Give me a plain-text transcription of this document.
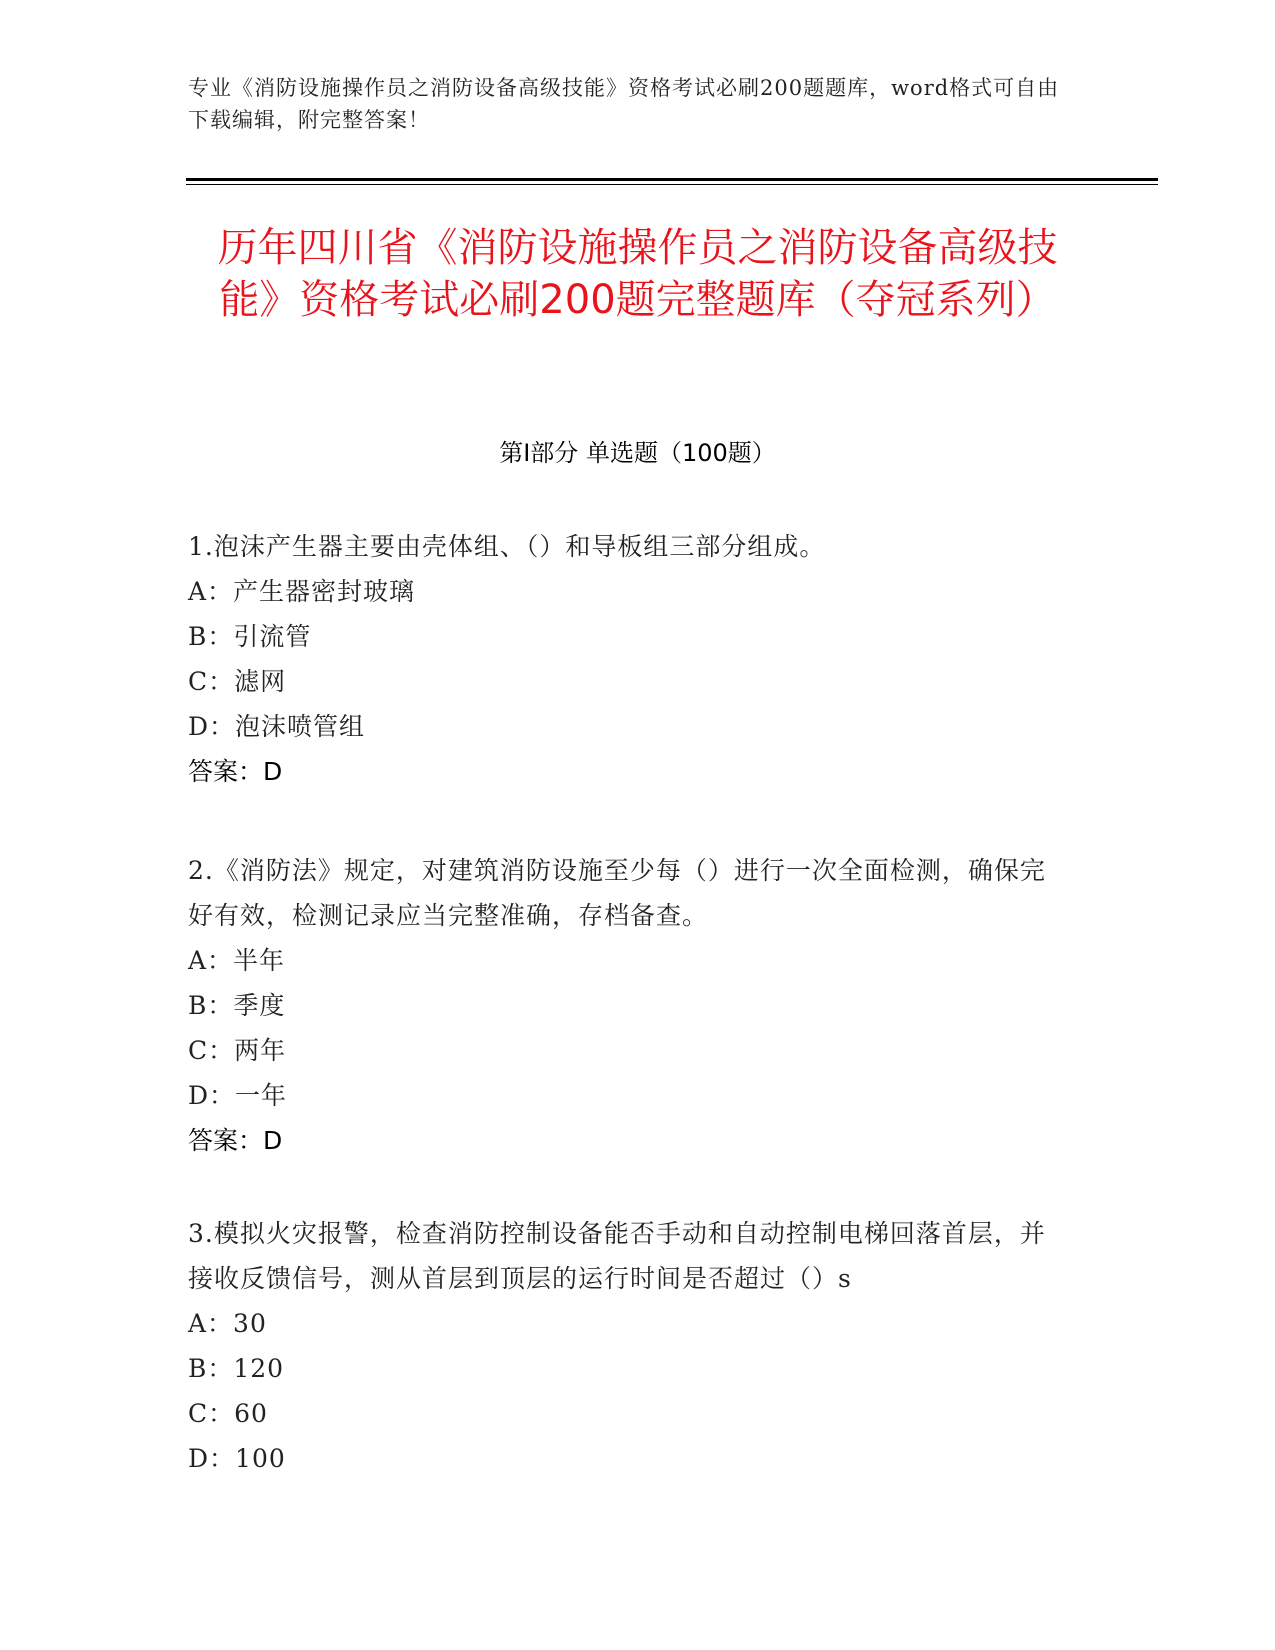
专业《消防设施操作员之消防设备高级技能》资格考试必刷200题题库，word格式可自由下载编辑，附完整答案！
历年四川省《消防设施操作员之消防设备高级技能》资格考试必刷200题完整题库（夺冠系列）
第I部分 单选题（100题）
1.泡沫产生器主要由壳体组、（）和导板组三部分组成。
A：产生器密封玻璃
B：引流管
C：滤网
D：泡沫喷管组
答案：D
2.《消防法》规定，对建筑消防设施至少每（）进行一次全面检测，确保完好有效，检测记录应当完整准确，存档备查。
A：半年
B：季度
C：两年
D：一年
答案：D
3.模拟火灾报警，检查消防控制设备能否手动和自动控制电梯回落首层，并接收反馈信号，测从首层到顶层的运行时间是否超过（）s
A：30
B：120
C：60
D：100
